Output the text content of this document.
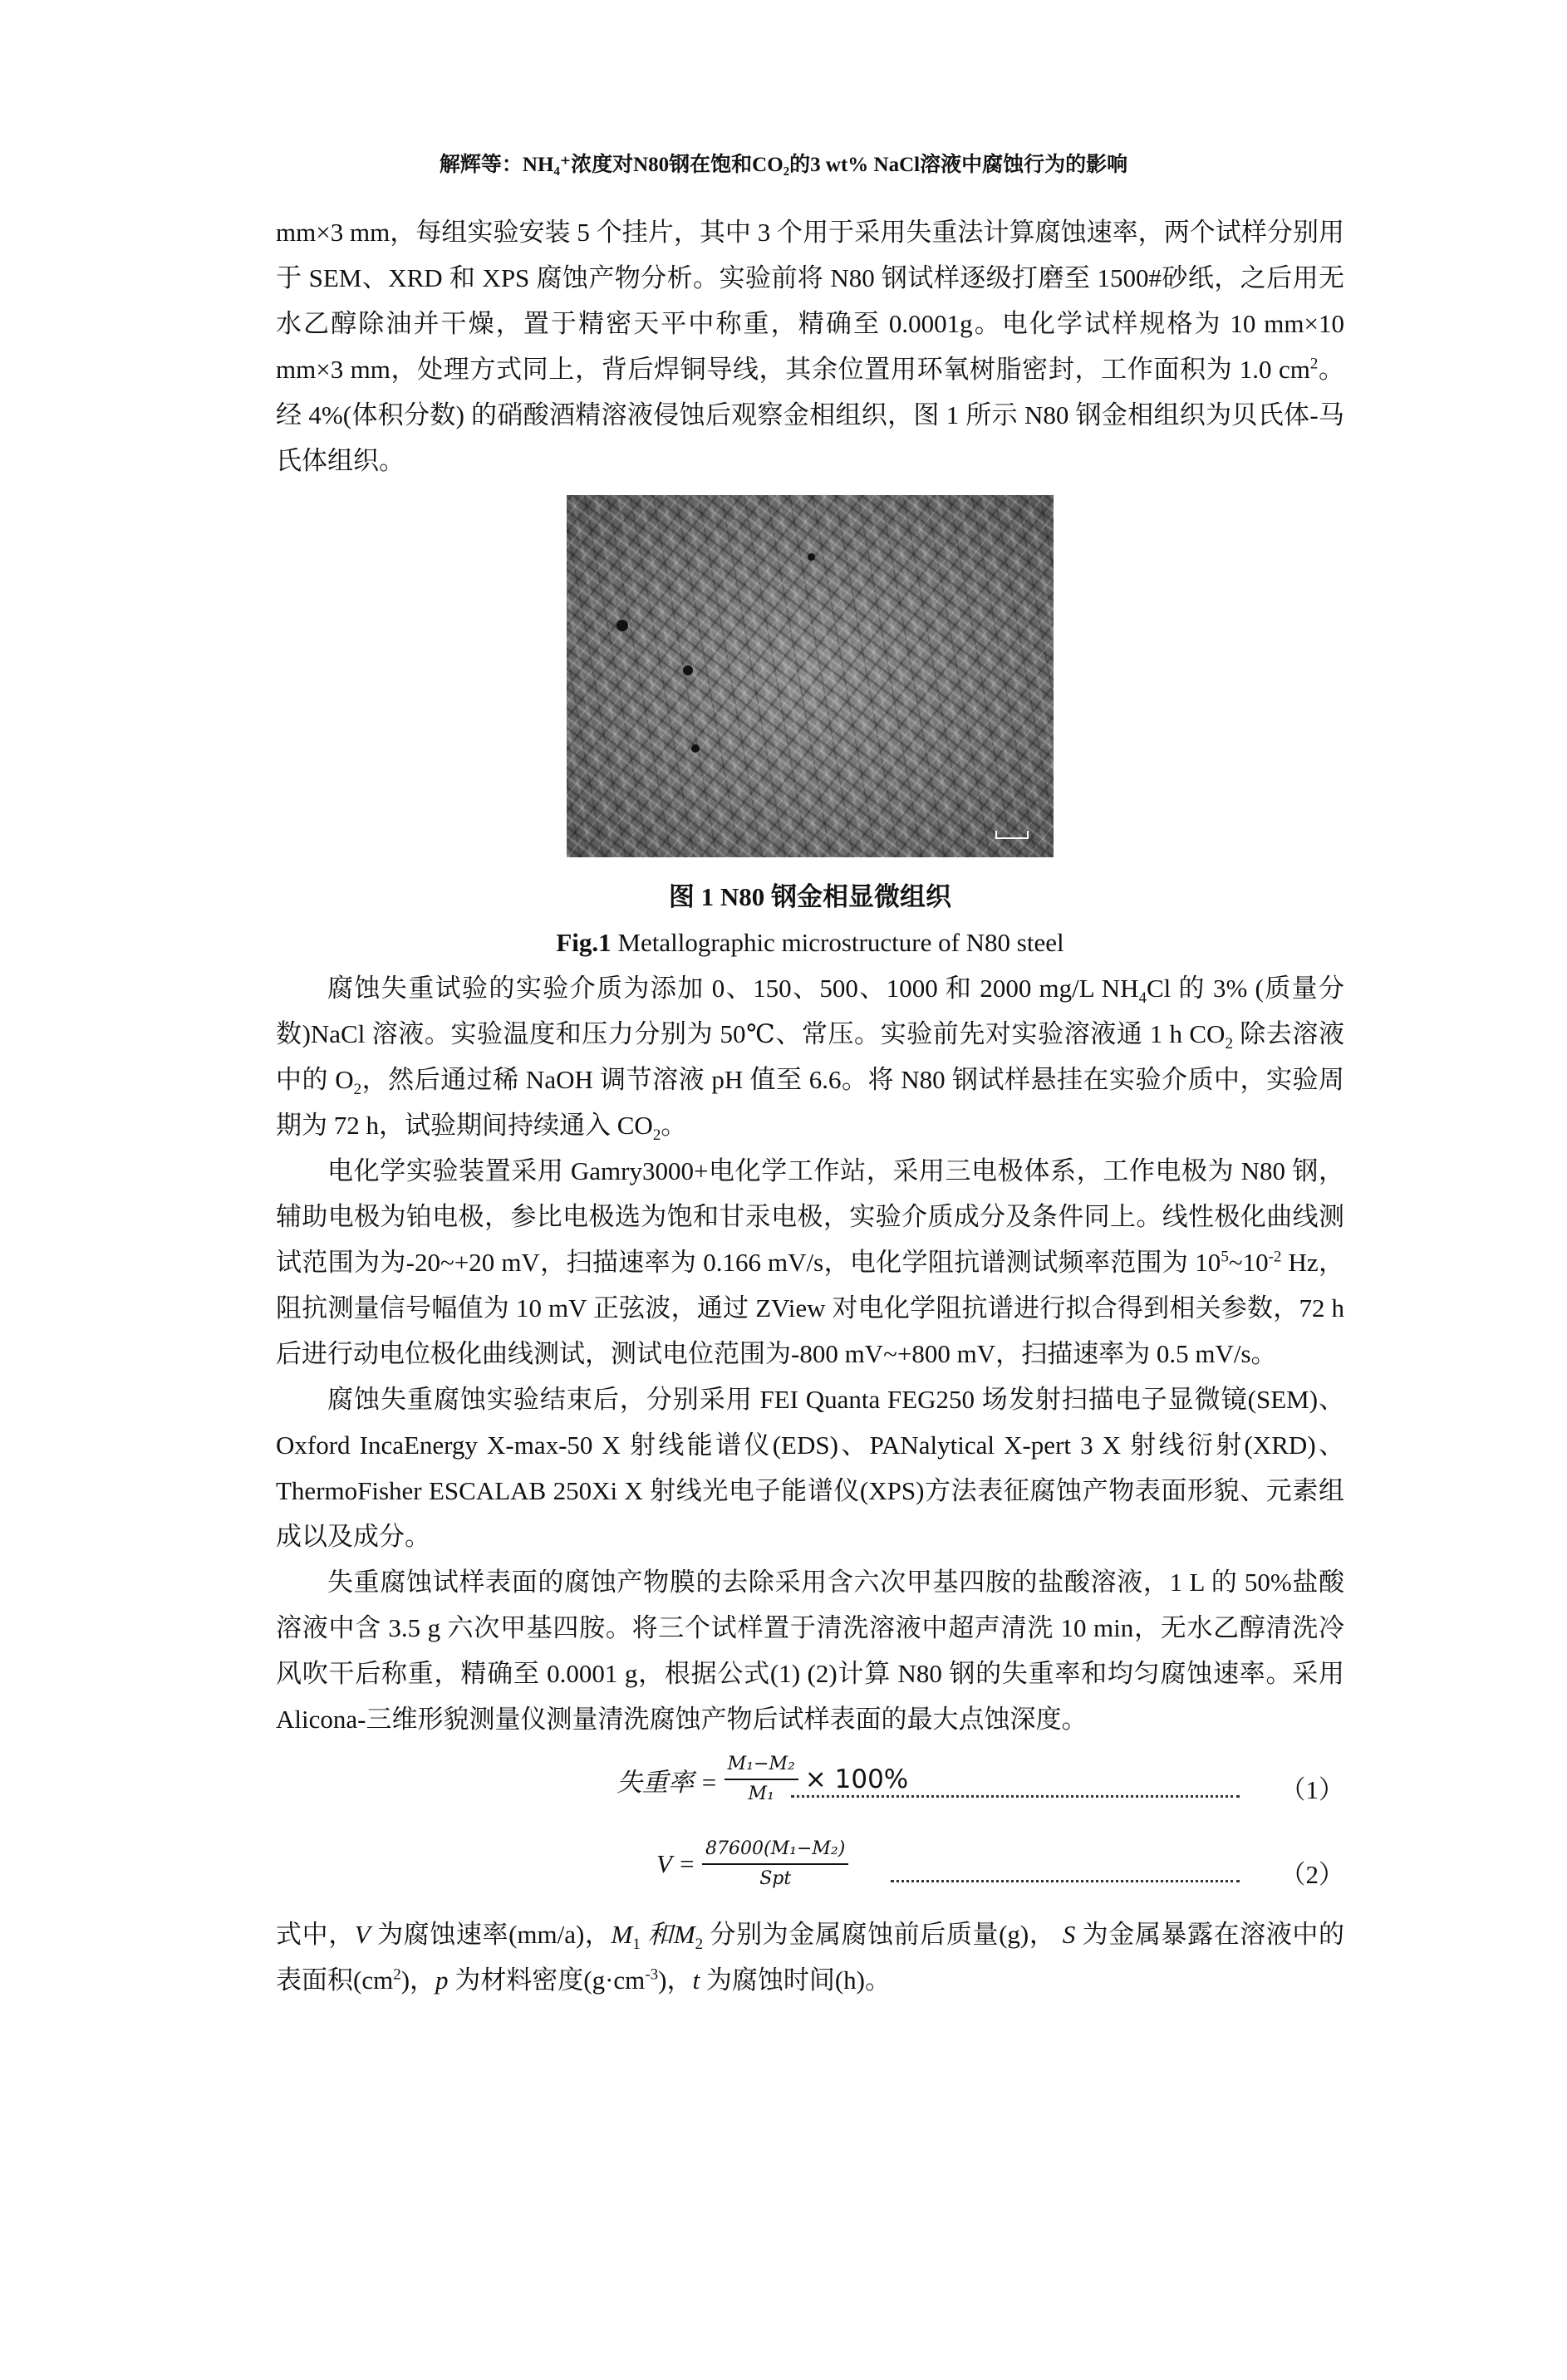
解辉等：NH₄⁺浓度对N80钢在饱和CO₂的3 wt% NaCl溶液中腐蚀行为的影响

mm×3 mm，每组实验安装 5 个挂片，其中 3 个用于采用失重法计算腐蚀速率，两个试样分别用于 SEM、XRD 和 XPS 腐蚀产物分析。实验前将 N80 钢试样逐级打磨至 1500#砂纸，之后用无水乙醇除油并干燥，置于精密天平中称重，精确至 0.0001g。电化学试样规格为 10 mm×10 mm×3 mm，处理方式同上，背后焊铜导线，其余位置用环氧树脂密封，工作面积为 1.0 $cm^2$。经 4%(体积分数) 的硝酸酒精溶液侵蚀后观察金相组织，图 1 所示 N80 钢金相组织为贝氏体-马氏体组织。

图 1 N80 钢金相显微组织
Fig.1 Metallographic microstructure of N80 steel

腐蚀失重试验的实验介质为添加 0、150、500、1000 和 2000 mg/L $NH_4Cl$ 的 3% (质量分数)NaCl 溶液。实验温度和压力分别为 50℃、常压。实验前先对实验溶液通 1 h $CO_2$ 除去溶液中的 $O_2$，然后通过稀 NaOH 调节溶液 pH 值至 6.6。将 N80 钢试样悬挂在实验介质中，实验周期为 72 h，试验期间持续通入 $CO_2$。

电化学实验装置采用 Gamry3000+电化学工作站，采用三电极体系，工作电极为 N80 钢，辅助电极为铂电极，参比电极选为饱和甘汞电极，实验介质成分及条件同上。线性极化曲线测试范围为为-20~+20 mV，扫描速率为 0.166 mV/s，电化学阻抗谱测试频率范围为 $10^5\sim 10^{-2}$ Hz，阻抗测量信号幅值为 10 mV 正弦波，通过 ZView 对电化学阻抗谱进行拟合得到相关参数，72 h 后进行动电位极化曲线测试，测试电位范围为-800 mV~+800 mV，扫描速率为 0.5 mV/s。

腐蚀失重腐蚀实验结束后，分别采用 FEI Quanta FEG250 场发射扫描电子显微镜(SEM)、Oxford IncaEnergy X-max-50 X 射线能谱仪(EDS)、PANalytical X-pert 3 X 射线衍射(XRD)、ThermoFisher ESCALAB 250Xi X 射线光电子能谱仪(XPS)方法表征腐蚀产物表面形貌、元素组成以及成分。

失重腐蚀试样表面的腐蚀产物膜的去除采用含六次甲基四胺的盐酸溶液，1 L 的 50%盐酸溶液中含 3.5 g 六次甲基四胺。将三个试样置于清洗溶液中超声清洗 10 min，无水乙醇清洗冷风吹干后称重，精确至 0.0001 g，根据公式(1) (2)计算 N80 钢的失重率和均匀腐蚀速率。采用 Alicona-三维形貌测量仪测量清洗腐蚀产物后试样表面的最大点蚀深度。

失重率 = $\frac{\text{M₁−M₂}}{\text{M₁}} \times 100\%$	（1）
$V = \frac{\text{87600(M₁−M₂)}}{\text{Spt}}$	（2）

式中，V 为腐蚀速率(mm/a)，$M_1$ 和$M_2$ 分别为金属腐蚀前后质量(g)， S 为金属暴露在溶液中的表面积$(cm^2)$，p 为材料密度$(g\cdot cm^{-3})$，t 为腐蚀时间(h)。
